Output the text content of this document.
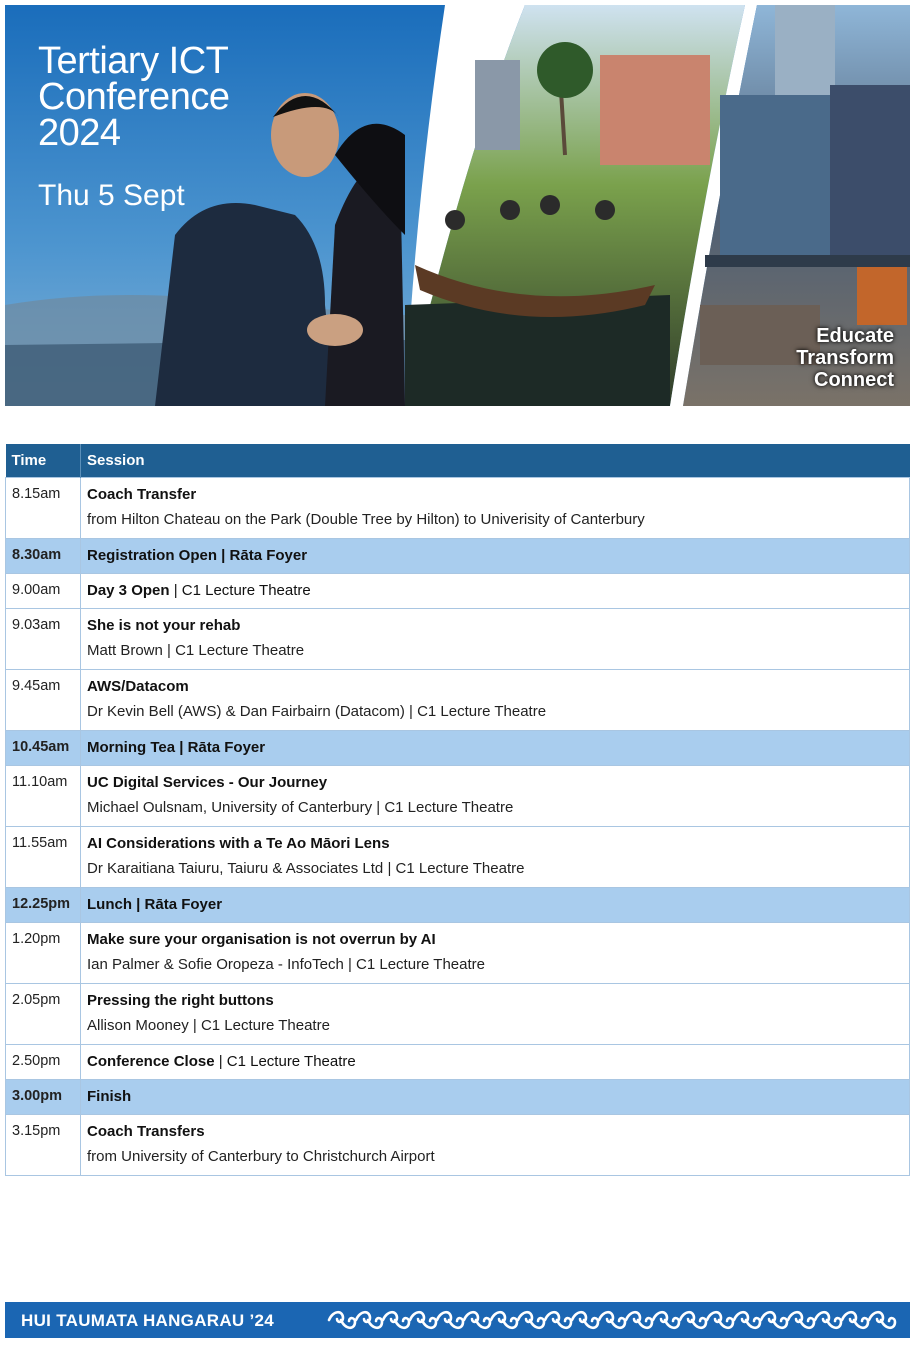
Tertiary ICT
Conference
2024
Thu 5 Sept
Educate
Transform
Connect
Time	Session
8.15am	Coach Transfer
from Hilton Chateau on the Park (Double Tree by Hilton) to Univerisity of Canterbury

8.30am	Registration Open | Rāta Foyer

9.00am	Day 3 Open | C1 Lecture Theatre

9.03am	She is not your rehab
Matt Brown | C1 Lecture Theatre

9.45am	AWS/Datacom
Dr Kevin Bell (AWS) & Dan Fairbairn (Datacom) | C1 Lecture Theatre

10.45am	Morning Tea | Rāta Foyer

11.10am	UC Digital Services - Our Journey
Michael Oulsnam, University of Canterbury | C1 Lecture Theatre

11.55am	AI Considerations with a Te Ao Māori Lens
Dr Karaitiana Taiuru, Taiuru & Associates Ltd | C1 Lecture Theatre

12.25pm	Lunch | Rāta Foyer

1.20pm	Make sure your organisation is not overrun by AI
Ian Palmer & Sofie Oropeza - InfoTech | C1 Lecture Theatre

2.05pm	Pressing the right buttons
Allison Mooney | C1 Lecture Theatre

2.50pm	Conference Close | C1 Lecture Theatre

3.00pm	Finish

3.15pm	Coach Transfers
from University of Canterbury to Christchurch Airport
HUI TAUMATA HANGARAU ’24
